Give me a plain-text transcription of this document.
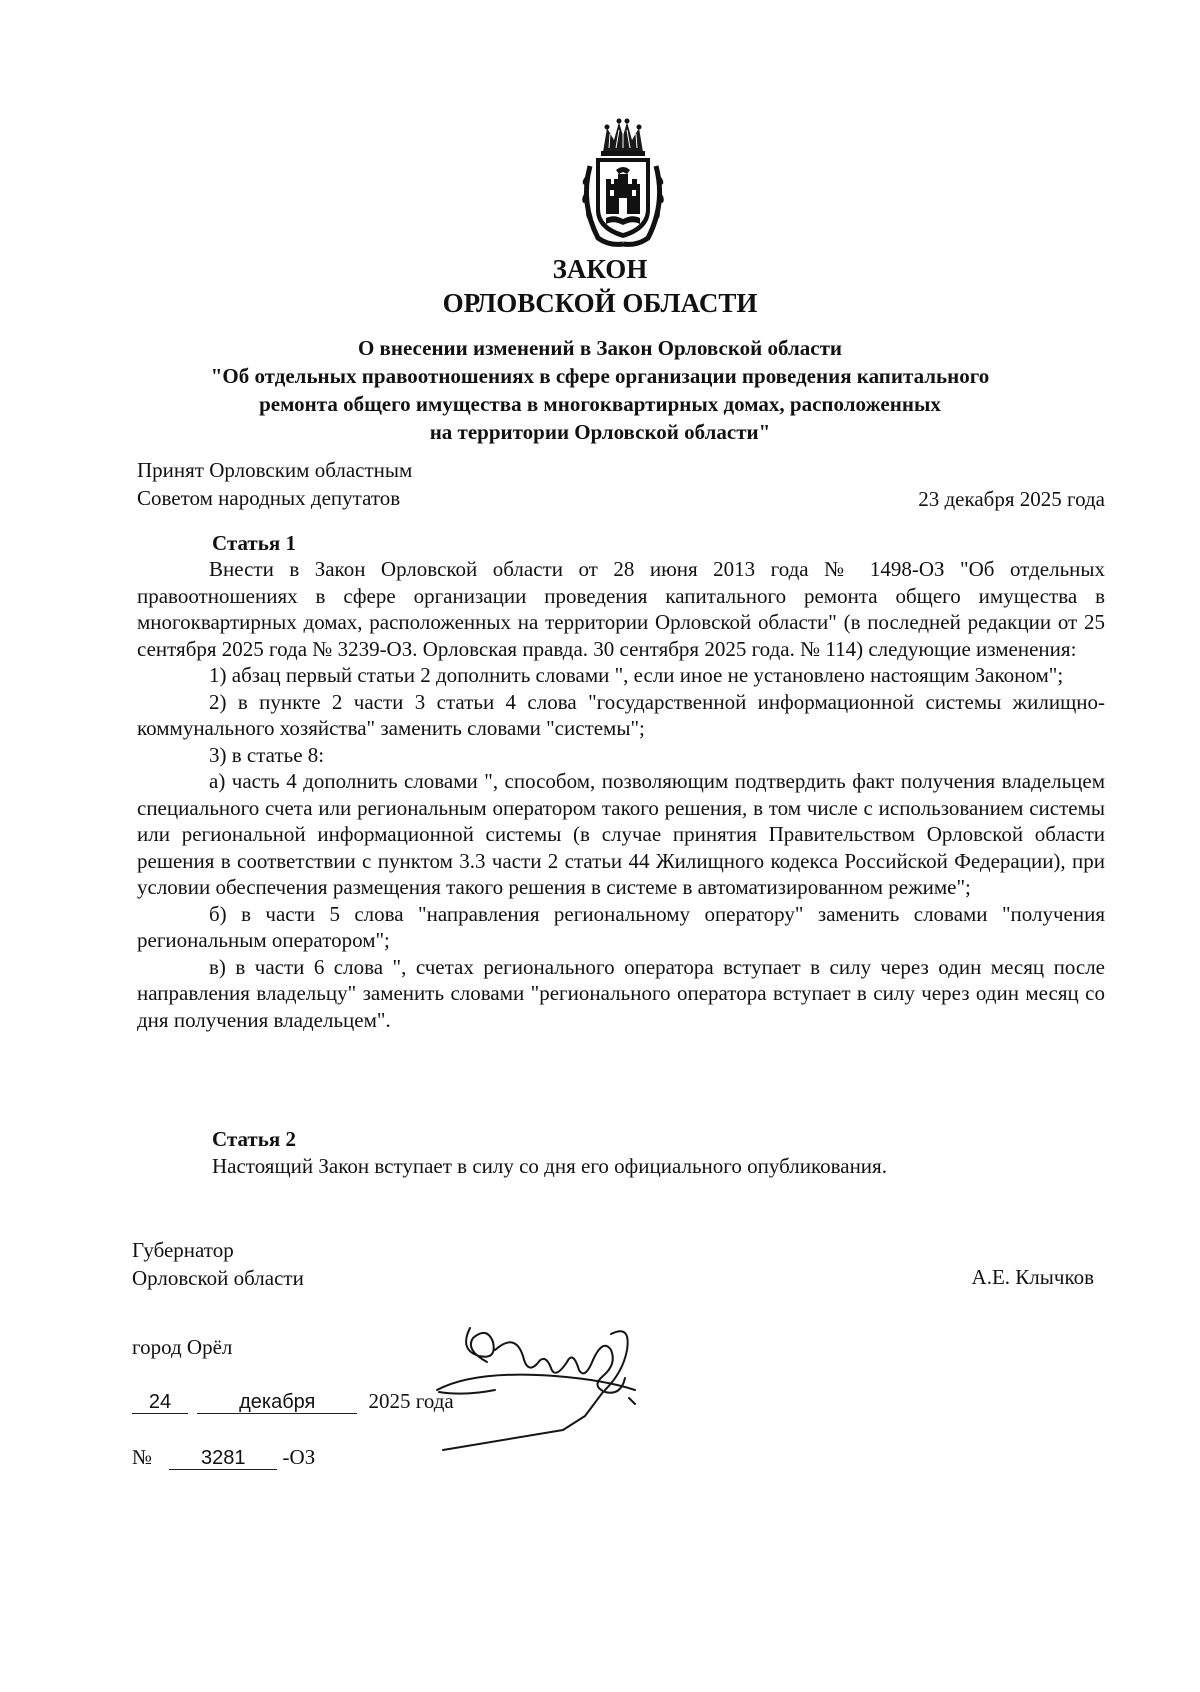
ЗАКОН
ОРЛОВСКОЙ ОБЛАСТИ
О внесении изменений в Закон Орловской области
"Об отдельных правоотношениях в сфере организации проведения капитального
ремонта общего имущества в многоквартирных домах, расположенных
на территории Орловской области"
Принят Орловским областным
Советом народных депутатов	23 декабря 2025 года
Статья 1

Внести в Закон Орловской области от 28 июня 2013 года № 1498-ОЗ "Об отдельных правоотношениях в сфере организации проведения капитального ремонта общего имущества в многоквартирных домах, расположенных на территории Орловской области" (в последней редакции от 25 сентября 2025 года № 3239-ОЗ. Орловская правда. 30 сентября 2025 года. № 114) следующие изменения:

1) абзац первый статьи 2 дополнить словами ", если иное не установлено настоящим Законом";

2) в пункте 2 части 3 статьи 4 слова "государственной информационной системы жилищно-коммунального хозяйства" заменить словами "системы";

3) в статье 8:

а) часть 4 дополнить словами ", способом, позволяющим подтвердить факт получения владельцем специального счета или региональным оператором такого решения, в том числе с использованием системы или региональной информационной системы (в случае принятия Правительством Орловской области решения в соответствии с пунктом 3.3 части 2 статьи 44 Жилищного кодекса Российской Федерации), при условии обеспечения размещения такого решения в системе в автоматизированном режиме";

б) в части 5 слова "направления региональному оператору" заменить словами "получения региональным оператором";

в) в части 6 слова ", счетах регионального оператора вступает в силу через один месяц после направления владельцу" заменить словами "регионального оператора вступает в силу через один месяц со дня получения владельцем".

Статья 2
Настоящий Закон вступает в силу со дня его официального опубликования.
Губернатор
Орловской области	А.Е. Клычков
город Орёл
24	декабря	2025 года
№ 3281 -ОЗ
